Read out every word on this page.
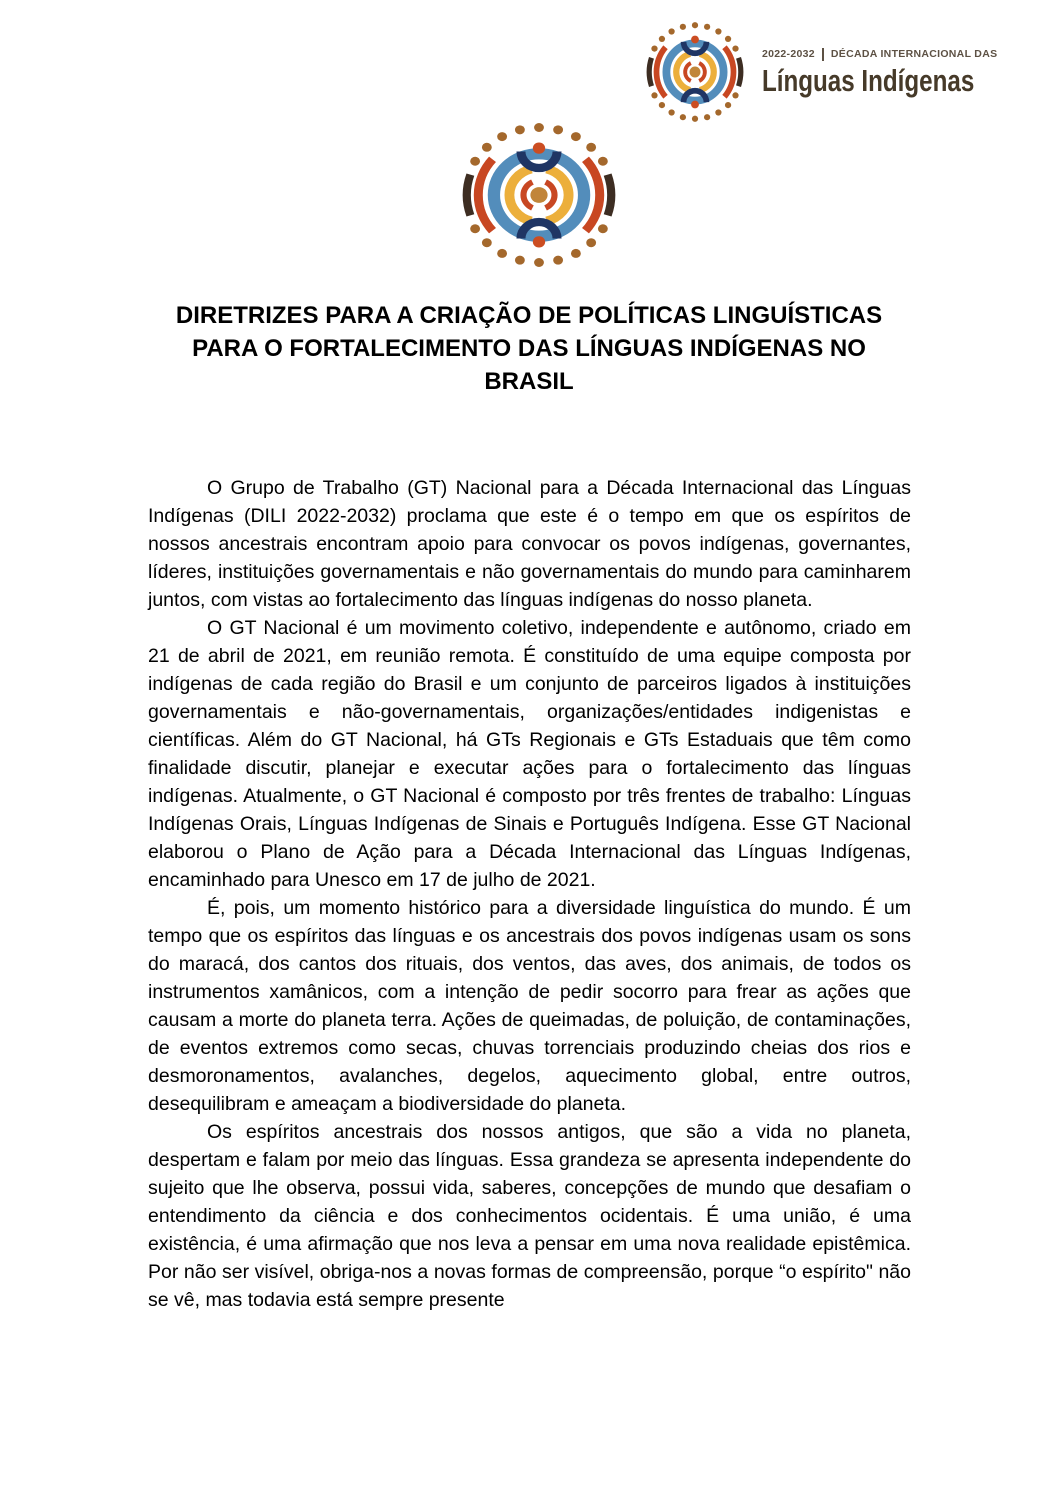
2022-2032 DÉCADA INTERNACIONAL DAS
Línguas Indígenas
DIRETRIZES PARA A CRIAÇÃO DE POLÍTICAS LINGUÍSTICAS
PARA O FORTALECIMENTO DAS LÍNGUAS INDÍGENAS NO
BRASIL

O Grupo de Trabalho (GT) Nacional para a Década Internacional das Línguas Indígenas (DILI 2022-2032) proclama que este é o tempo em que os espíritos de nossos ancestrais encontram apoio para convocar os povos indígenas, governantes, líderes, instituições governamentais e não governamentais do mundo para caminharem juntos, com vistas ao fortalecimento das línguas indígenas do nosso planeta.

O GT Nacional é um movimento coletivo, independente e autônomo, criado em 21 de abril de 2021, em reunião remota. É constituído de uma equipe composta por indígenas de cada região do Brasil e um conjunto de parceiros ligados à instituições governamentais e não-governamentais, organizações/entidades indigenistas e científicas. Além do GT Nacional, há GTs Regionais e GTs Estaduais que têm como finalidade discutir, planejar e executar ações para o fortalecimento das línguas indígenas. Atualmente, o GT Nacional é composto por três frentes de trabalho: Línguas Indígenas Orais, Línguas Indígenas de Sinais e Português Indígena. Esse GT Nacional elaborou o Plano de Ação para a Década Internacional das Línguas Indígenas, encaminhado para Unesco em 17 de julho de 2021.

É, pois, um momento histórico para a diversidade linguística do mundo. É um tempo que os espíritos das línguas e os ancestrais dos povos indígenas usam os sons do maracá, dos cantos dos rituais, dos ventos, das aves, dos animais, de todos os instrumentos xamânicos, com a intenção de pedir socorro para frear as ações que causam a morte do planeta terra. Ações de queimadas, de poluição, de contaminações, de eventos extremos como secas, chuvas torrenciais produzindo cheias dos rios e desmoronamentos, avalanches, degelos, aquecimento global, entre outros, desequilibram e ameaçam a biodiversidade do planeta.

Os espíritos ancestrais dos nossos antigos, que são a vida no planeta, despertam e falam por meio das línguas. Essa grandeza se apresenta independente do sujeito que lhe observa, possui vida, saberes, concepções de mundo que desafiam o entendimento da ciência e dos conhecimentos ocidentais. É uma união, é uma existência, é uma afirmação que nos leva a pensar em uma nova realidade epistêmica. Por não ser visível, obriga-nos a novas formas de compreensão, porque “o espírito" não se vê, mas todavia está sempre presente
